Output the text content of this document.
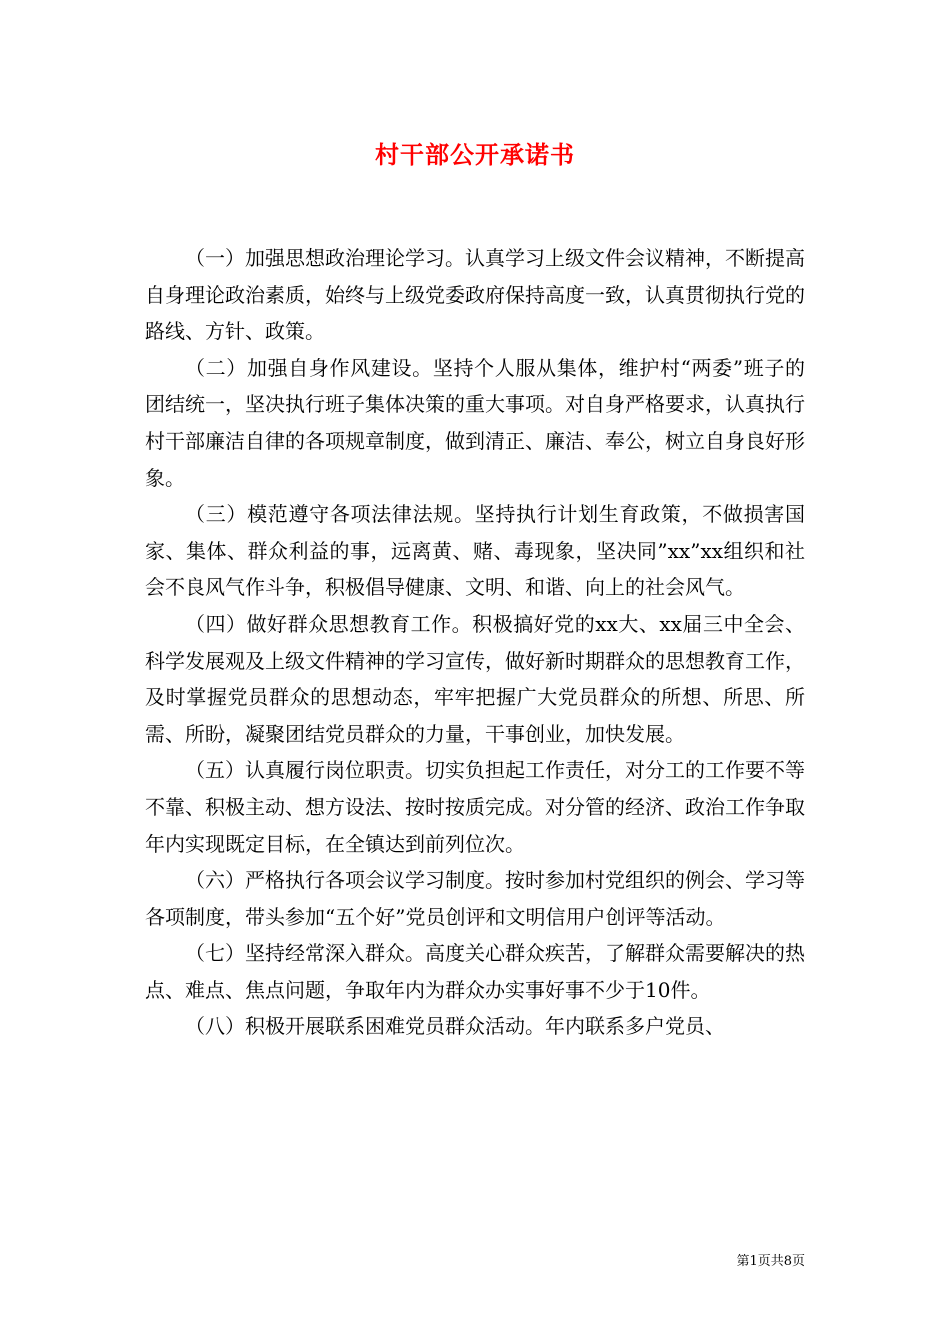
村干部公开承诺书

（一）加强思想政治理论学习。认真学习上级文件会议精神，不断提高自身理论政治素质，始终与上级党委政府保持高度一致，认真贯彻执行党的路线、方针、政策。

（二）加强自身作风建设。坚持个人服从集体，维护村“两委”班子的团结统一，坚决执行班子集体决策的重大事项。对自身严格要求，认真执行村干部廉洁自律的各项规章制度，做到清正、廉洁、奉公，树立自身良好形象。

（三）模范遵守各项法律法规。坚持执行计划生育政策，不做损害国家、集体、群众利益的事，远离黄、赌、毒现象，坚决同”xx”xx组织和社会不良风气作斗争，积极倡导健康、文明、和谐、向上的社会风气。

（四）做好群众思想教育工作。积极搞好党的xx大、xx届三中全会、科学发展观及上级文件精神的学习宣传，做好新时期群众的思想教育工作，及时掌握党员群众的思想动态，牢牢把握广大党员群众的所想、所思、所需、所盼，凝聚团结党员群众的力量，干事创业，加快发展。

（五）认真履行岗位职责。切实负担起工作责任，对分工的工作要不等不靠、积极主动、想方设法、按时按质完成。对分管的经济、政治工作争取年内实现既定目标，在全镇达到前列位次。

（六）严格执行各项会议学习制度。按时参加村党组织的例会、学习等各项制度，带头参加“五个好”党员创评和文明信用户创评等活动。

（七）坚持经常深入群众。高度关心群众疾苦，了解群众需要解决的热点、难点、焦点问题，争取年内为群众办实事好事不少于10件。

（八）积极开展联系困难党员群众活动。年内联系多户党员、

第1页共8页
